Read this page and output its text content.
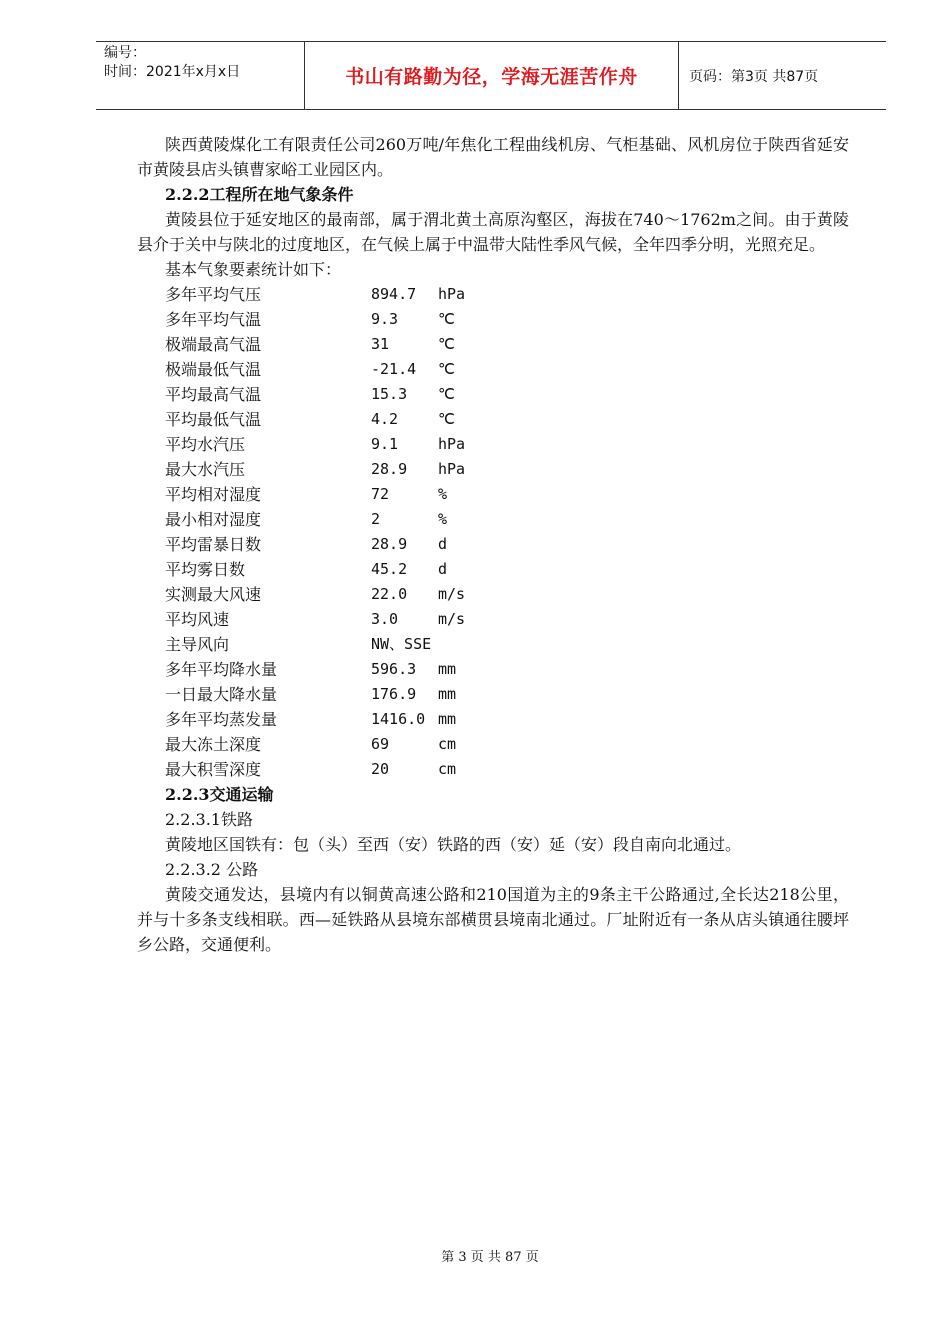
编号：
时间：2021年x月x日	书山有路勤为径，学海无涯苦作舟	页码：第3页 共87页

陕西黄陵煤化工有限责任公司260万吨/年焦化工程曲线机房、气柜基础、风机房位于陕西省延安市黄陵县店头镇曹家峪工业园区内。

2.2.2工程所在地气象条件

黄陵县位于延安地区的最南部，属于渭北黄土高原沟壑区，海拔在740～1762m之间。由于黄陵县介于关中与陕北的过度地区，在气候上属于中温带大陆性季风气候，全年四季分明，光照充足。

基本气象要素统计如下：

多年平均气压	894.7	hPa
多年平均气温	9.3	℃
极端最高气温	31	℃
极端最低气温	-21.4	℃
平均最高气温	15.3	℃
平均最低气温	4.2	℃
平均水汽压	9.1	hPa
最大水汽压	28.9	hPa
平均相对湿度	72	%
最小相对湿度	2	%
平均雷暴日数	28.9	d
平均雾日数	45.2	d
实测最大风速	22.0	m/s
平均风速	3.0	m/s
主导风向	NW、SSE
多年平均降水量	596.3	mm
一日最大降水量	176.9	mm
多年平均蒸发量	1416.0 mm
最大冻土深度	69	cm
最大积雪深度	20	cm

2.2.3交通运输

2.2.3.1铁路

黄陵地区国铁有：包（头）至西（安）铁路的西（安）延（安）段自南向北通过。

2.2.3.2 公路

黄陵交通发达，县境内有以铜黄高速公路和210国道为主的9条主干公路通过,全长达218公里，并与十多条支线相联。西—延铁路从县境东部横贯县境南北通过。厂址附近有一条从店头镇通往腰坪乡公路，交通便利。

第 3 页 共 87 页
